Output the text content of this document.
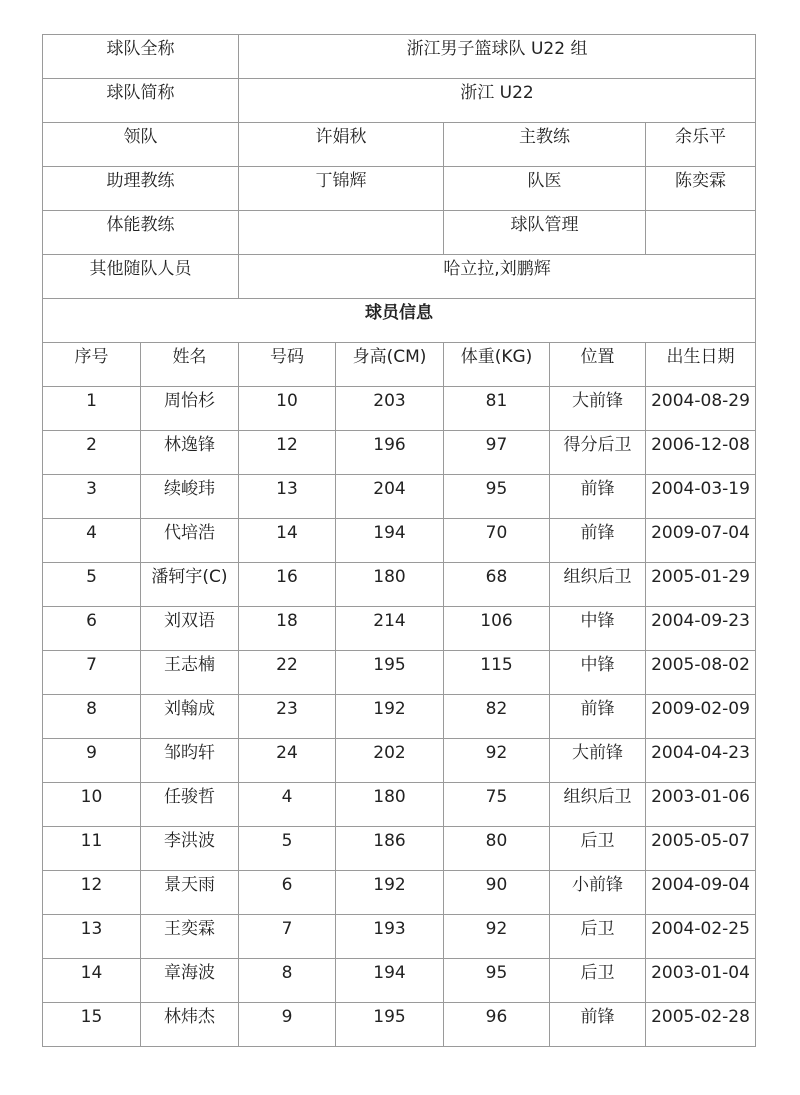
球队全称		浙江男子篮球队 U22 组				
球队简称		浙江 U22				
领队		许娟秋		主教练		余乐平
助理教练		丁锦辉		队医		陈奕霖
体能教练				球队管理		
其他随队人员		哈立拉,刘鹏辉				
球员信息						
序号	姓名	号码	身高(CM)	体重(KG)	位置	出生日期
1	周怡杉	10	203	81	大前锋	2004-08-29
2	林逸锋	12	196	97	得分后卫	2006-12-08
3	续峻玮	13	204	95	前锋	2004-03-19
4	代培浩	14	194	70	前锋	2009-07-04
5	潘轲宇(C)	16	180	68	组织后卫	2005-01-29
6	刘双语	18	214	106	中锋	2004-09-23
7	王志楠	22	195	115	中锋	2005-08-02
8	刘翰成	23	192	82	前锋	2009-02-09
9	邹昀轩	24	202	92	大前锋	2004-04-23
10	任骏哲	4	180	75	组织后卫	2003-01-06
11	李洪波	5	186	80	后卫	2005-05-07
12	景天雨	6	192	90	小前锋	2004-09-04
13	王奕霖	7	193	92	后卫	2004-02-25
14	章海波	8	194	95	后卫	2003-01-04
15	林炜杰	9	195	96	前锋	2005-02-28
